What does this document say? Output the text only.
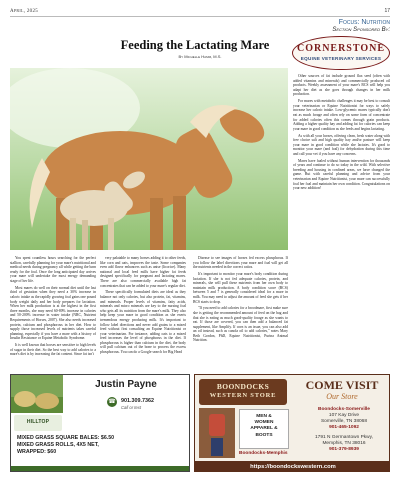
April, 2025	17
Focus: Nutrition
Section Sponsored By:
Feeding the Lactating Mare
By Michelle Hamm, M.S.
CORNERSTONE
EQUINE VETERINARY SERVICES

You spent countless hours searching for the perfect stallion, carefully planning for your mare's nutritional and medical needs during pregnancy all while getting the barn ready for the foal. Once the long anticipated day arrives your mare will undertake the most energy demanding stage of her life.

Most mares do well on their normal diet until the last third of gestation when they need a 30% increase in caloric intake as the rapidly growing foal gains one pound body weight daily and her body prepares for lactation. When her milk production is at the highest in the first three months, she may need 60-80% increase in calories and 50-200% increase in water intake (NRC, Nutrient Requirements of Horses, 2007). She also needs increased protein, calcium and phosphorous in her diet. How to supply those increased levels of nutrients takes careful planning, especially if you have a mare with a history of Insulin Resistance or Equine Metabolic Syndrome.

It is well known that horses are sensitive to high levels of sugar in their diet. So the best way to add calories to a mare's diet is by increasing the fat content. Since fat isn't

very palatable to many horses adding it to other feeds, like corn and oats, improves the taste. Some companies even add flavor enhancers such as anise (licorice). Many national and local feed mills have higher fat feeds designed specifically for pregnant and lactating mares. There are also commercially available high fat concentrates that can be added to your mare's regular diet.

These specifically formulated diets are ideal as they balance not only calories, but also protein, fat, vitamins, and minerals. Proper levels of vitamins, fatty acids, minerals and micro minerals are key to the nursing foal who gets all its nutrition from the mare's milk. They also help keep your mare in good condition as she exerts tremendous energy producing milk. It's important to follow label directions and never add grains to a mixed feed without first consulting an Equine Nutritionist or your veterinarian. For instance, adding oats to a mixed feed increases the level of phosphorus in the diet. If phosphorous is higher than calcium in the diet, the body will pull calcium out of the bone to process the excess phosphorous. You can do a Google search for Big Head

Disease to see images of horses fed excess phosphorus. If you follow the label directions your mare and foal will get all the nutrients needed in the correct ratios.

It's important to monitor your mare's body condition during lactation. If she is not fed adequate calories, protein, and minerals, she will pull these nutrients from her own body to maintain milk production. A body condition score (BCS) between 5 and 7 is generally considered ideal for a mare in milk. You may need to adjust the amount of feed she gets if her BCS starts to drop.

"If you need to add calories for a broodmare, first make sure she is getting the recommended amount of feed on the bag and that she is eating as much good-quality forage as she wants to eat. If those are covered, you can then add a balanced fat supplement, like Amplify. If corn is an issue, you can also add an oil instead, such as canola oil to add calories," notes Mary Beth Gordon, PhD, Equine Nutritionist, Purina Animal Nutrition.

Other sources of fat include ground flax seed (often with added vitamins and minerals) and commercially produced oil products. Weekly assessment of your mare's BCS will help you adapt her diet as she goes through changes in her milk production.

For mares with metabolic challenges it may be best to consult your veterinarian or Equine Nutritionist for ways to safely increase her caloric intake. Low-glycemic mares typically don't eat as much forage and often rely on some form of concentrate for added calories often this comes through grain products. Adding a higher quality hay and adding fat for calories can keep your mare in good condition as she feeds and begins lactating.

As with all your horses, offering clean, fresh water along with free choice salt and high quality hay and/or pasture will keep your mare in good condition while she lactates. It's good to monitor your mare (and foal) for dehydration during this time and call your vet if you have any concerns.

Mares have foaled without human intervention for thousands of years and continue to do so today in the wild. With selective breeding and housing in confined areas, we have changed the game. But with careful planning and advice from your veterinarian and Equine Nutritionist, your mare can successfully foal her foal and maintain her own condition. Congratulations on your new addition!

HILLTOP
Justin Payne
☎ 901.309.7362
Call or text
MIXED GRASS SQUARE BALES: $6.50
MIXED GRASS ROLLS, 4X5 NET,
WRAPPED: $60
BOONDOCKS
WESTERN STORE
COME VISIT
Our Store
MEN &
WOMEN
APPAREL &
BOOTS
Boondocks-Somerville
107 Kay Drive
Somerville, TN 38068
901-465-1092
Boondocks-Memphis
1791 N Germantown Pkwy,
Memphis, TN 38016
901-379-8939
https://boondockswestern.com
